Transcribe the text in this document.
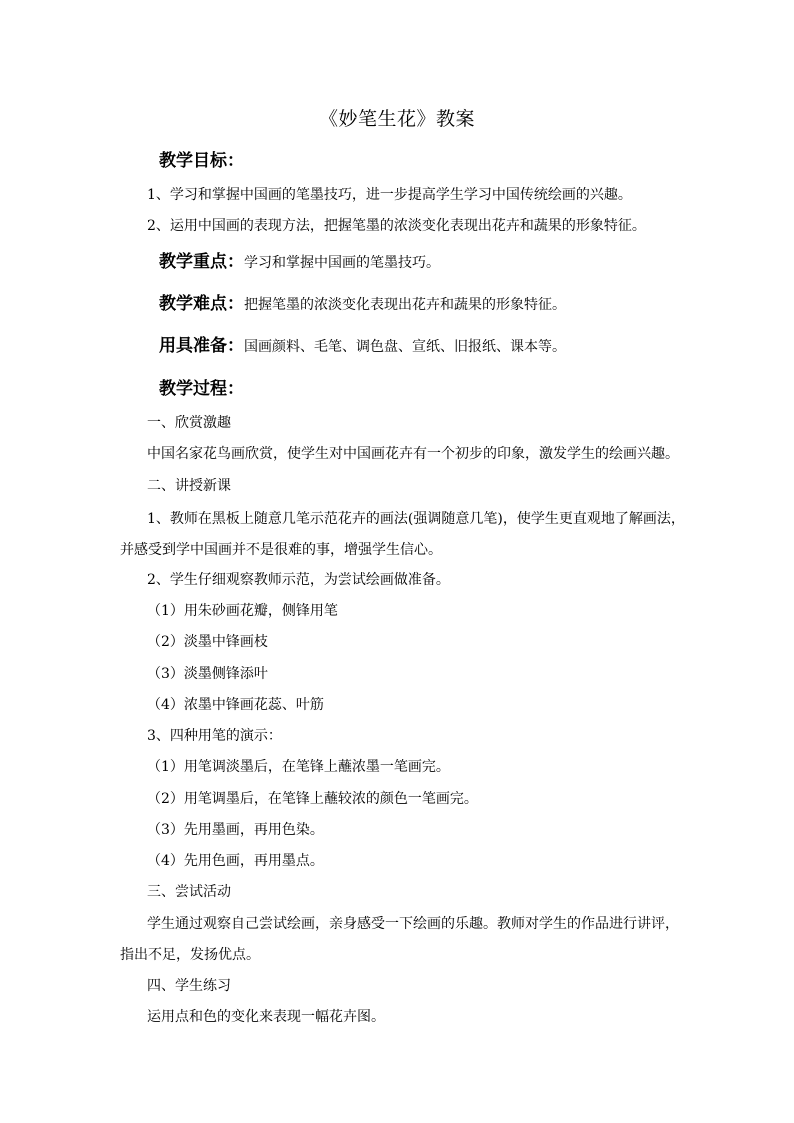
《妙笔生花》教案
教学目标：
1、学习和掌握中国画的笔墨技巧，进一步提高学生学习中国传统绘画的兴趣。
2、运用中国画的表现方法，把握笔墨的浓淡变化表现出花卉和蔬果的形象特征。
教学重点：学习和掌握中国画的笔墨技巧。
教学难点：把握笔墨的浓淡变化表现出花卉和蔬果的形象特征。
用具准备：国画颜料、毛笔、调色盘、宣纸、旧报纸、课本等。
教学过程：
一、欣赏激趣
中国名家花鸟画欣赏，使学生对中国画花卉有一个初步的印象，激发学生的绘画兴趣。
二、讲授新课
1、教师在黑板上随意几笔示范花卉的画法(强调随意几笔)，使学生更直观地了解画法，
并感受到学中国画并不是很难的事，增强学生信心。
2、学生仔细观察教师示范，为尝试绘画做准备。
（1）用朱砂画花瓣，侧锋用笔
（2）淡墨中锋画枝
（3）淡墨侧锋添叶
（4）浓墨中锋画花蕊、叶筋
3、四种用笔的演示：
（1）用笔调淡墨后，在笔锋上蘸浓墨一笔画完。
（2）用笔调墨后，在笔锋上蘸较浓的颜色一笔画完。
（3）先用墨画，再用色染。
（4）先用色画，再用墨点。
三、尝试活动
学生通过观察自己尝试绘画，亲身感受一下绘画的乐趣。教师对学生的作品进行讲评，
指出不足，发扬优点。
四、学生练习
运用点和色的变化来表现一幅花卉图。
